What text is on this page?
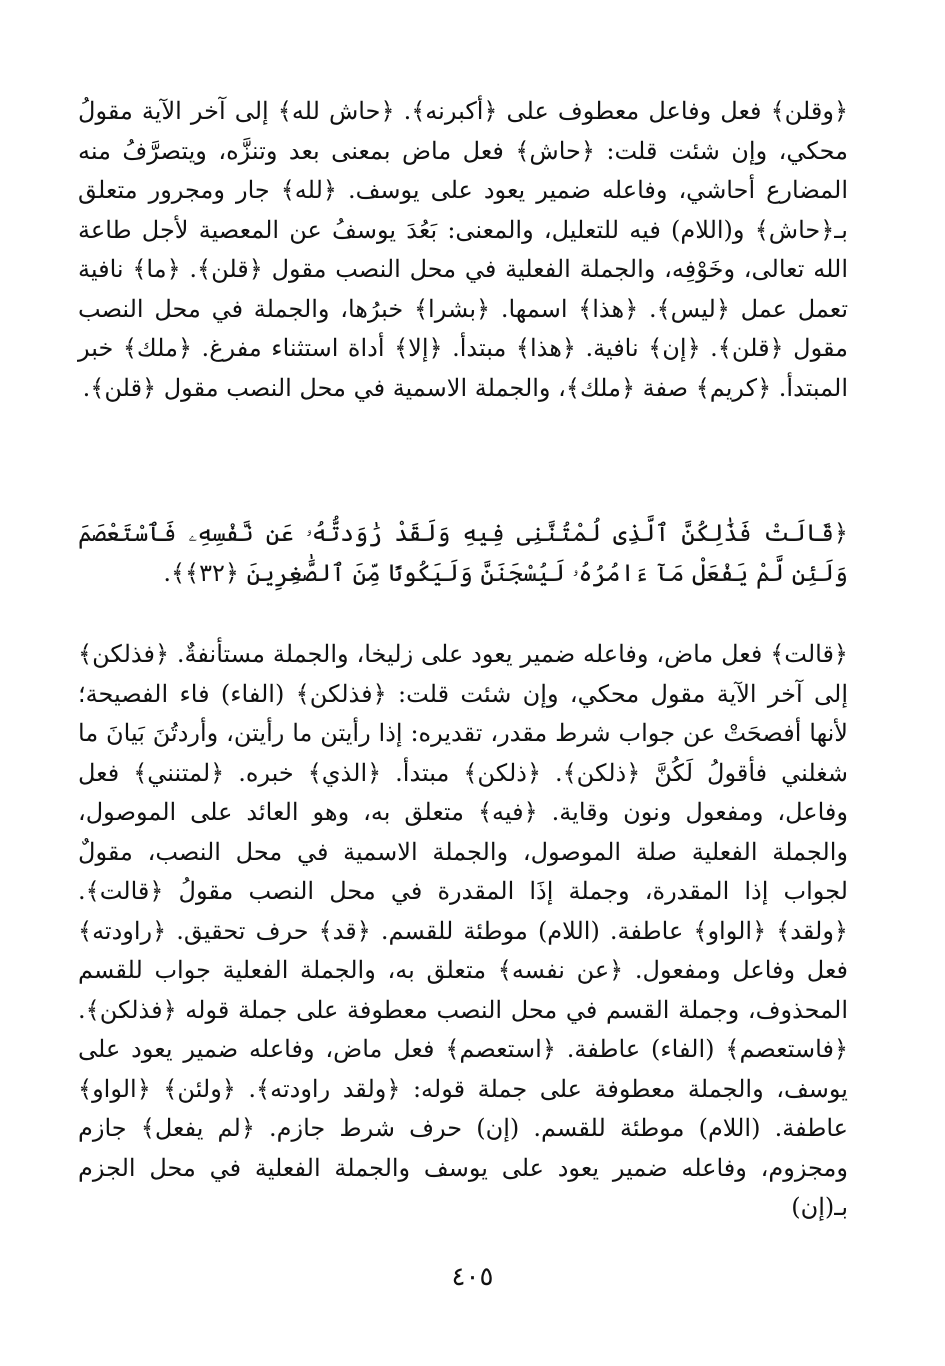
﴿وقلن﴾ فعل وفاعل معطوف على ﴿أكبرنه﴾. ﴿حاش لله﴾ إلى آخر الآية مقولُ محكي، وإن شئت قلت: ﴿حاش﴾ فعل ماض بمعنى بعد وتنزَّه، ويتصرَّفُ منه المضارع أحاشي، وفاعله ضمير يعود على يوسف. ﴿لله﴾ جار ومجرور متعلق بـ﴿حاش﴾ و(اللام) فيه للتعليل، والمعنى: بَعُدَ يوسفُ عن المعصية لأجل طاعة الله تعالى، وخَوْفِه، والجملة الفعلية في محل النصب مقول ﴿قلن﴾. ﴿ما﴾ نافية تعمل عمل ﴿ليس﴾. ﴿هذا﴾ اسمها. ﴿بشرا﴾ خبرُها، والجملة في محل النصب مقول ﴿قلن﴾. ﴿إن﴾ نافية. ﴿هذا﴾ مبتدأ. ﴿إلا﴾ أداة استثناء مفرغ. ﴿ملك﴾ خبر المبتدأ. ﴿كريم﴾ صفة ﴿ملك﴾، والجملة الاسمية في محل النصب مقول ﴿قلن﴾.

﴿قَالَتْ فَذَٰلِكُنَّ ٱلَّذِى لُمْتُنَّنِى فِيهِ وَلَقَدْ رَٰوَدتُّهُۥ عَن نَّفْسِهِۦ فَٱسْتَعْصَمَ وَلَئِن لَّمْ يَفْعَلْ مَآ ءَامُرُهُۥ لَيُسْجَنَنَّ وَلَيَكُونًا مِّنَ ٱلصَّٰغِرِينَ ﴿٣٢﴾﴾.

﴿قالت﴾ فعل ماض، وفاعله ضمير يعود على زليخا، والجملة مستأنفةٌ. ﴿فذلكن﴾ إلى آخر الآية مقول محكي، وإن شئت قلت: ﴿فذلكن﴾ (الفاء) فاء الفصيحة؛ لأنها أفصحَتْ عن جواب شرط مقدر، تقديره: إذا رأيتن ما رأيتن، وأردتُنَ بَيانَ ما شغلني فأقولُ لَكُنَّ ﴿ذلكن﴾. ﴿ذلكن﴾ مبتدأ. ﴿الذي﴾ خبره. ﴿لمتنني﴾ فعل وفاعل، ومفعول ونون وقاية. ﴿فيه﴾ متعلق به، وهو العائد على الموصول، والجملة الفعلية صلة الموصول، والجملة الاسمية في محل النصب، مقولٌ لجواب إذا المقدرة، وجملة إذَا المقدرة في محل النصب مقولُ ﴿قالت﴾. ﴿ولقد﴾ ﴿الواو﴾ عاطفة. (اللام) موطئة للقسم. ﴿قد﴾ حرف تحقيق. ﴿راودته﴾ فعل وفاعل ومفعول. ﴿عن نفسه﴾ متعلق به، والجملة الفعلية جواب للقسم المحذوف، وجملة القسم في محل النصب معطوفة على جملة قوله ﴿فذلكن﴾. ﴿فاستعصم﴾ (الفاء) عاطفة. ﴿استعصم﴾ فعل ماض، وفاعله ضمير يعود على يوسف، والجملة معطوفة على جملة قوله: ﴿ولقد راودته﴾. ﴿ولئن﴾ ﴿الواو﴾ عاطفة. (اللام) موطئة للقسم. (إن) حرف شرط جازم. ﴿لم يفعل﴾ جازم ومجزوم، وفاعله ضمير يعود على يوسف والجملة الفعلية في محل الجزم بـ(إن)

٤٠٥
